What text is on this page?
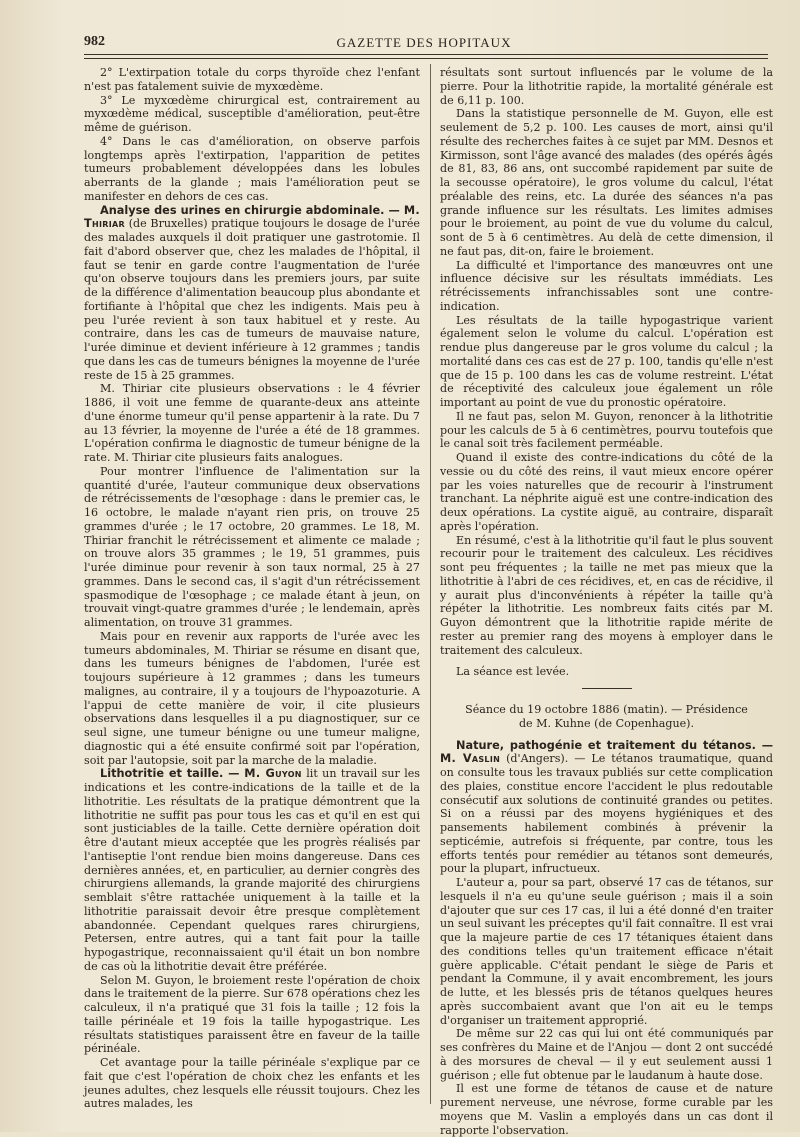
982	GAZETTE DES HOPITAUX

2° L'extirpation totale du corps thyroïde chez l'enfant n'est pas fatalement suivie de myxœdème.

3° Le myxœdème chirurgical est, contrairement au myxœdème médical, susceptible d'amélioration, peut-être même de guérison.

4° Dans le cas d'amélioration, on observe parfois longtemps après l'extirpation, l'apparition de petites tumeurs probablement développées dans les lobules aberrants de la glande ; mais l'amélioration peut se manifester en dehors de ces cas.

Analyse des urines en chirurgie abdominale. — M. Thiriar (de Bruxelles) pratique toujours le dosage de l'urée des malades auxquels il doit pratiquer une gastrotomie. Il fait d'abord observer que, chez les malades de l'hôpital, il faut se tenir en garde contre l'augmentation de l'urée qu'on observe toujours dans les premiers jours, par suite de la différence d'alimentation beaucoup plus abondante et fortifiante à l'hôpital que chez les indigents. Mais peu à peu l'urée revient à son taux habituel et y reste. Au contraire, dans les cas de tumeurs de mauvaise nature, l'urée diminue et devient inférieure à 12 grammes ; tandis que dans les cas de tumeurs bénignes la moyenne de l'urée reste de 15 à 25 grammes.

M. Thiriar cite plusieurs observations : le 4 février 1886, il voit une femme de quarante-deux ans atteinte d'une énorme tumeur qu'il pense appartenir à la rate. Du 7 au 13 février, la moyenne de l'urée a été de 18 grammes. L'opération confirma le diagnostic de tumeur bénigne de la rate. M. Thiriar cite plusieurs faits analogues.

Pour montrer l'influence de l'alimentation sur la quantité d'urée, l'auteur communique deux observations de rétrécissements de l'œsophage : dans le premier cas, le 16 octobre, le malade n'ayant rien pris, on trouve 25 grammes d'urée ; le 17 octobre, 20 grammes. Le 18, M. Thiriar franchit le rétrécissement et alimente ce malade ; on trouve alors 35 grammes ; le 19, 51 grammes, puis l'urée diminue pour revenir à son taux normal, 25 à 27 grammes. Dans le second cas, il s'agit d'un rétrécissement spasmodique de l'œsophage ; ce malade étant à jeun, on trouvait vingt-quatre grammes d'urée ; le lendemain, après alimentation, on trouve 31 grammes.

Mais pour en revenir aux rapports de l'urée avec les tumeurs abdominales, M. Thiriar se résume en disant que, dans les tumeurs bénignes de l'abdomen, l'urée est toujours supérieure à 12 grammes ; dans les tumeurs malignes, au contraire, il y a toujours de l'hypoazoturie. A l'appui de cette manière de voir, il cite plusieurs observations dans lesquelles il a pu diagnostiquer, sur ce seul signe, une tumeur bénigne ou une tumeur maligne, diagnostic qui a été ensuite confirmé soit par l'opération, soit par l'autopsie, soit par la marche de la maladie.

Lithotritie et taille. — M. Guyon lit un travail sur les indications et les contre-indications de la taille et de la lithotritie. Les résultats de la pratique démontrent que la lithotritie ne suffit pas pour tous les cas et qu'il en est qui sont justiciables de la taille. Cette dernière opération doit être d'autant mieux acceptée que les progrès réalisés par l'antiseptie l'ont rendue bien moins dangereuse. Dans ces dernières années, et, en particulier, au dernier congrès des chirurgiens allemands, la grande majorité des chirurgiens semblait s'être rattachée uniquement à la taille et la lithotritie paraissait devoir être presque complètement abandonnée. Cependant quelques rares chirurgiens, Petersen, entre autres, qui a tant fait pour la taille hypogastrique, reconnaissaient qu'il était un bon nombre de cas où la lithotritie devait être préférée.

Selon M. Guyon, le broiement reste l'opération de choix dans le traitement de la pierre. Sur 678 opérations chez les calculeux, il n'a pratiqué que 31 fois la taille ; 12 fois la taille périnéale et 19 fois la taille hypogastrique. Les résultats statistiques paraissent être en faveur de la taille périnéale.

Cet avantage pour la taille périnéale s'explique par ce fait que c'est l'opération de choix chez les enfants et les jeunes adultes, chez lesquels elle réussit toujours. Chez les autres malades, les

résultats sont surtout influencés par le volume de la pierre. Pour la lithotritie rapide, la mortalité générale est de 6,11 p. 100.

Dans la statistique personnelle de M. Guyon, elle est seulement de 5,2 p. 100. Les causes de mort, ainsi qu'il résulte des recherches faites à ce sujet par MM. Desnos et Kirmisson, sont l'âge avancé des malades (des opérés âgés de 81, 83, 86 ans, ont succombé rapidement par suite de la secousse opératoire), le gros volume du calcul, l'état préalable des reins, etc. La durée des séances n'a pas grande influence sur les résultats. Les limites admises pour le broiement, au point de vue du volume du calcul, sont de 5 à 6 centimètres. Au delà de cette dimension, il ne faut pas, dit-on, faire le broiement.

La difficulté et l'importance des manœuvres ont une influence décisive sur les résultats immédiats. Les rétrécissements infranchissables sont une contre-indication.

Les résultats de la taille hypogastrique varient également selon le volume du calcul. L'opération est rendue plus dangereuse par le gros volume du calcul ; la mortalité dans ces cas est de 27 p. 100, tandis qu'elle n'est que de 15 p. 100 dans les cas de volume restreint. L'état de réceptivité des calculeux joue également un rôle important au point de vue du pronostic opératoire.

Il ne faut pas, selon M. Guyon, renoncer à la lithotritie pour les calculs de 5 à 6 centimètres, pourvu toutefois que le canal soit très facilement perméable.

Quand il existe des contre-indications du côté de la vessie ou du côté des reins, il vaut mieux encore opérer par les voies naturelles que de recourir à l'instrument tranchant. La néphrite aiguë est une contre-indication des deux opérations. La cystite aiguë, au contraire, disparaît après l'opération.

En résumé, c'est à la lithotritie qu'il faut le plus souvent recourir pour le traitement des calculeux. Les récidives sont peu fréquentes ; la taille ne met pas mieux que la lithotritie à l'abri de ces récidives, et, en cas de récidive, il y aurait plus d'inconvénients à répéter la taille qu'à répéter la lithotritie. Les nombreux faits cités par M. Guyon démontrent que la lithotritie rapide mérite de rester au premier rang des moyens à employer dans le traitement des calculeux.

La séance est levée.

Séance du 19 octobre 1886 (matin). — Présidence
de M. Kuhne (de Copenhague).

Nature, pathogénie et traitement du tétanos. — M. Vaslin (d'Angers). — Le tétanos traumatique, quand on consulte tous les travaux publiés sur cette complication des plaies, constitue encore l'accident le plus redoutable consécutif aux solutions de continuité grandes ou petites. Si on a réussi par des moyens hygiéniques et des pansements habilement combinés à prévenir la septicémie, autrefois si fréquente, par contre, tous les efforts tentés pour remédier au tétanos sont demeurés, pour la plupart, infructueux.

L'auteur a, pour sa part, observé 17 cas de tétanos, sur lesquels il n'a eu qu'une seule guérison ; mais il a soin d'ajouter que sur ces 17 cas, il lui a été donné d'en traiter un seul suivant les préceptes qu'il fait connaître. Il est vrai que la majeure partie de ces 17 tétaniques étaient dans des conditions telles qu'un traitement efficace n'était guère applicable. C'était pendant le siège de Paris et pendant la Commune, il y avait encombrement, les jours de lutte, et les blessés pris de tétanos quelques heures après succombaient avant que l'on ait eu le temps d'organiser un traitement approprié.

De même sur 22 cas qui lui ont été communiqués par ses confrères du Maine et de l'Anjou — dont 2 ont succédé à des morsures de cheval — il y eut seulement aussi 1 guérison ; elle fut obtenue par le laudanum à haute dose.

Il est une forme de tétanos de cause et de nature purement nerveuse, une névrose, forme curable par les moyens que M. Vaslin a employés dans un cas dont il rapporte l'observation.
